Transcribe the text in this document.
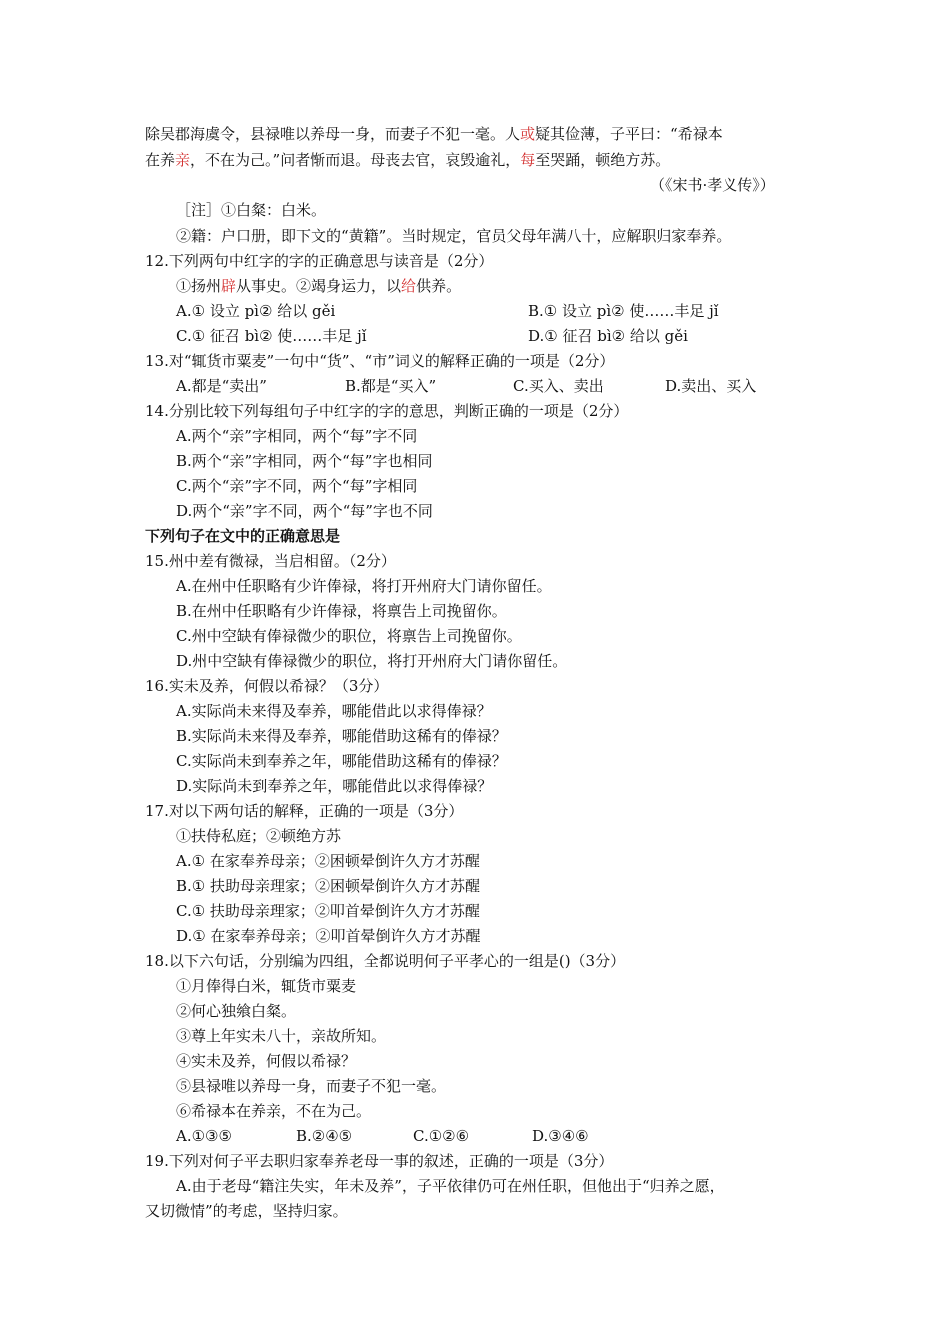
除吴郡海虞令，县禄唯以养母一身，而妻子不犯一毫。人或疑其俭薄，子平曰：“希禄本
在养亲，不在为己。”问者惭而退。母丧去官，哀毁逾礼，每至哭踊，顿绝方苏。
（《宋书·孝义传》）
［注］①白粲：白米。
②籍：户口册，即下文的“黄籍”。当时规定，官员父母年满八十，应解职归家奉养。
12.下列两句中红字的字的正确意思与读音是（2分）
①扬州辟从事史。②竭身运力，以给供养。
A.① 设立 pì② 给以 gěi	B.① 设立 pì② 使……丰足 jǐ
C.① 征召 bì② 使……丰足 jǐ	D.① 征召 bì② 给以 gěi
13.对“辄货市粟麦”一句中“货”、“市”词义的解释正确的一项是（2分）
A.都是“卖出”	B.都是“买入”	C.买入、卖出	D.卖出、买入
14.分别比较下列每组句子中红字的字的意思，判断正确的一项是（2分）
A.两个“亲”字相同，两个“每”字不同
B.两个“亲”字相同，两个“每”字也相同
C.两个“亲”字不同，两个“每”字相同
D.两个“亲”字不同，两个“每”字也不同
下列句子在文中的正确意思是
15.州中差有微禄，当启相留。（2分）
A.在州中任职略有少许俸禄，将打开州府大门请你留任。
B.在州中任职略有少许俸禄，将禀告上司挽留你。
C.州中空缺有俸禄微少的职位，将禀告上司挽留你。
D.州中空缺有俸禄微少的职位，将打开州府大门请你留任。
16.实未及养，何假以希禄？（3分）
A.实际尚未来得及奉养，哪能借此以求得俸禄？
B.实际尚未来得及奉养，哪能借助这稀有的俸禄？
C.实际尚未到奉养之年，哪能借助这稀有的俸禄？
D.实际尚未到奉养之年，哪能借此以求得俸禄？
17.对以下两句话的解释，正确的一项是（3分）
①扶侍私庭；②顿绝方苏
A.① 在家奉养母亲；②困顿晕倒许久方才苏醒
B.① 扶助母亲理家；②困顿晕倒许久方才苏醒
C.① 扶助母亲理家；②叩首晕倒许久方才苏醒
D.① 在家奉养母亲；②叩首晕倒许久方才苏醒
18.以下六句话，分别编为四组，全都说明何子平孝心的一组是()（3分）
①月俸得白米，辄货市粟麦
②何心独飨白粲。
③尊上年实未八十，亲故所知。
④实未及养，何假以希禄？
⑤县禄唯以养母一身，而妻子不犯一毫。
⑥希禄本在养亲，不在为己。
A.①③⑤	B.②④⑤	C.①②⑥	D.③④⑥
19.下列对何子平去职归家奉养老母一事的叙述，正确的一项是（3分）
A.由于老母“籍注失实，年未及养”，子平依律仍可在州任职，但他出于“归养之愿，
又切微情”的考虑，坚持归家。
